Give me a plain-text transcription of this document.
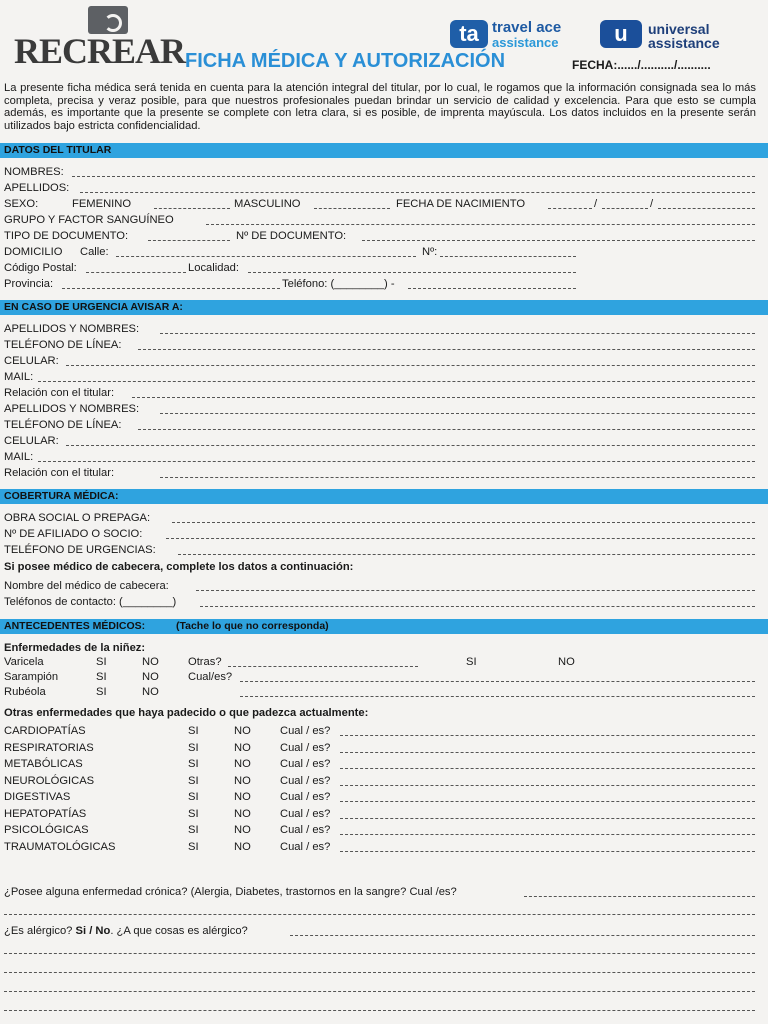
RECREAR FICHA MÉDICA Y AUTORIZACIÓN	FECHA:....../........../..........
ta travel ace
assistance	u	universal
assistance
La presente ficha médica será tenida en cuenta para la atención integral del titular, por lo cual, le rogamos que la información consignada sea lo más completa, precisa y veraz posible, para que nuestros profesionales puedan brindar un servicio de calidad y excelencia. Para que esto se cumpla además, es importante que la presente se complete con letra clara, si es posible, de imprenta mayúscula. Los datos incluidos en la presente serán utilizados bajo estricta confidencialidad.
DATOS DEL TITULAR
NOMBRES:
APELLIDOS:
SEXO:	FEMENINO	MASCULINO	FECHA DE NACIMIENTO	/	/
GRUPO Y FACTOR SANGUÍNEO
TIPO DE DOCUMENTO:	Nº DE DOCUMENTO:
DOMICILIO Calle:	Nº:
Código Postal:	Localidad:
Provincia:	Teléfono: (________) -
EN CASO DE URGENCIA AVISAR A:
APELLIDOS Y NOMBRES:
TELÉFONO DE LÍNEA:
CELULAR:
MAIL:
Relación con el titular:
APELLIDOS Y NOMBRES:
TELÉFONO DE LÍNEA:
CELULAR:
MAIL:
Relación con el titular:
COBERTURA MÉDICA:
OBRA SOCIAL O PREPAGA:
Nº DE AFILIADO O SOCIO:
TELÉFONO DE URGENCIAS:
Si posee médico de cabecera, complete los datos a continuación:
Nombre del médico de cabecera:
Teléfonos de contacto: (________)
ANTECEDENTES MÉDICOS:	(Tache lo que no corresponda)
Enfermedades de la niñez:
Varicela	SI	NO	Otras?	SI	NO
Sarampión	SI	NO	Cual/es?
Rubéola	SI	NO
Otras enfermedades que haya padecido o que padezca actualmente:
CARDIOPATÍAS	SI	NO	Cual / es?
RESPIRATORIAS	SI	NO	Cual / es?
METABÓLICAS	SI	NO	Cual / es?
NEUROLÓGICAS	SI	NO	Cual / es?
DIGESTIVAS	SI	NO	Cual / es?
HEPATOPATÍAS	SI	NO	Cual / es?
PSICOLÓGICAS	SI	NO	Cual / es?
TRAUMATOLÓGICAS	SI	NO	Cual / es?
¿Posee alguna enfermedad crónica? (Alergia, Diabetes, trastornos en la sangre? Cual /es?
¿Es alérgico? Si / No. ¿A que cosas es alérgico?
